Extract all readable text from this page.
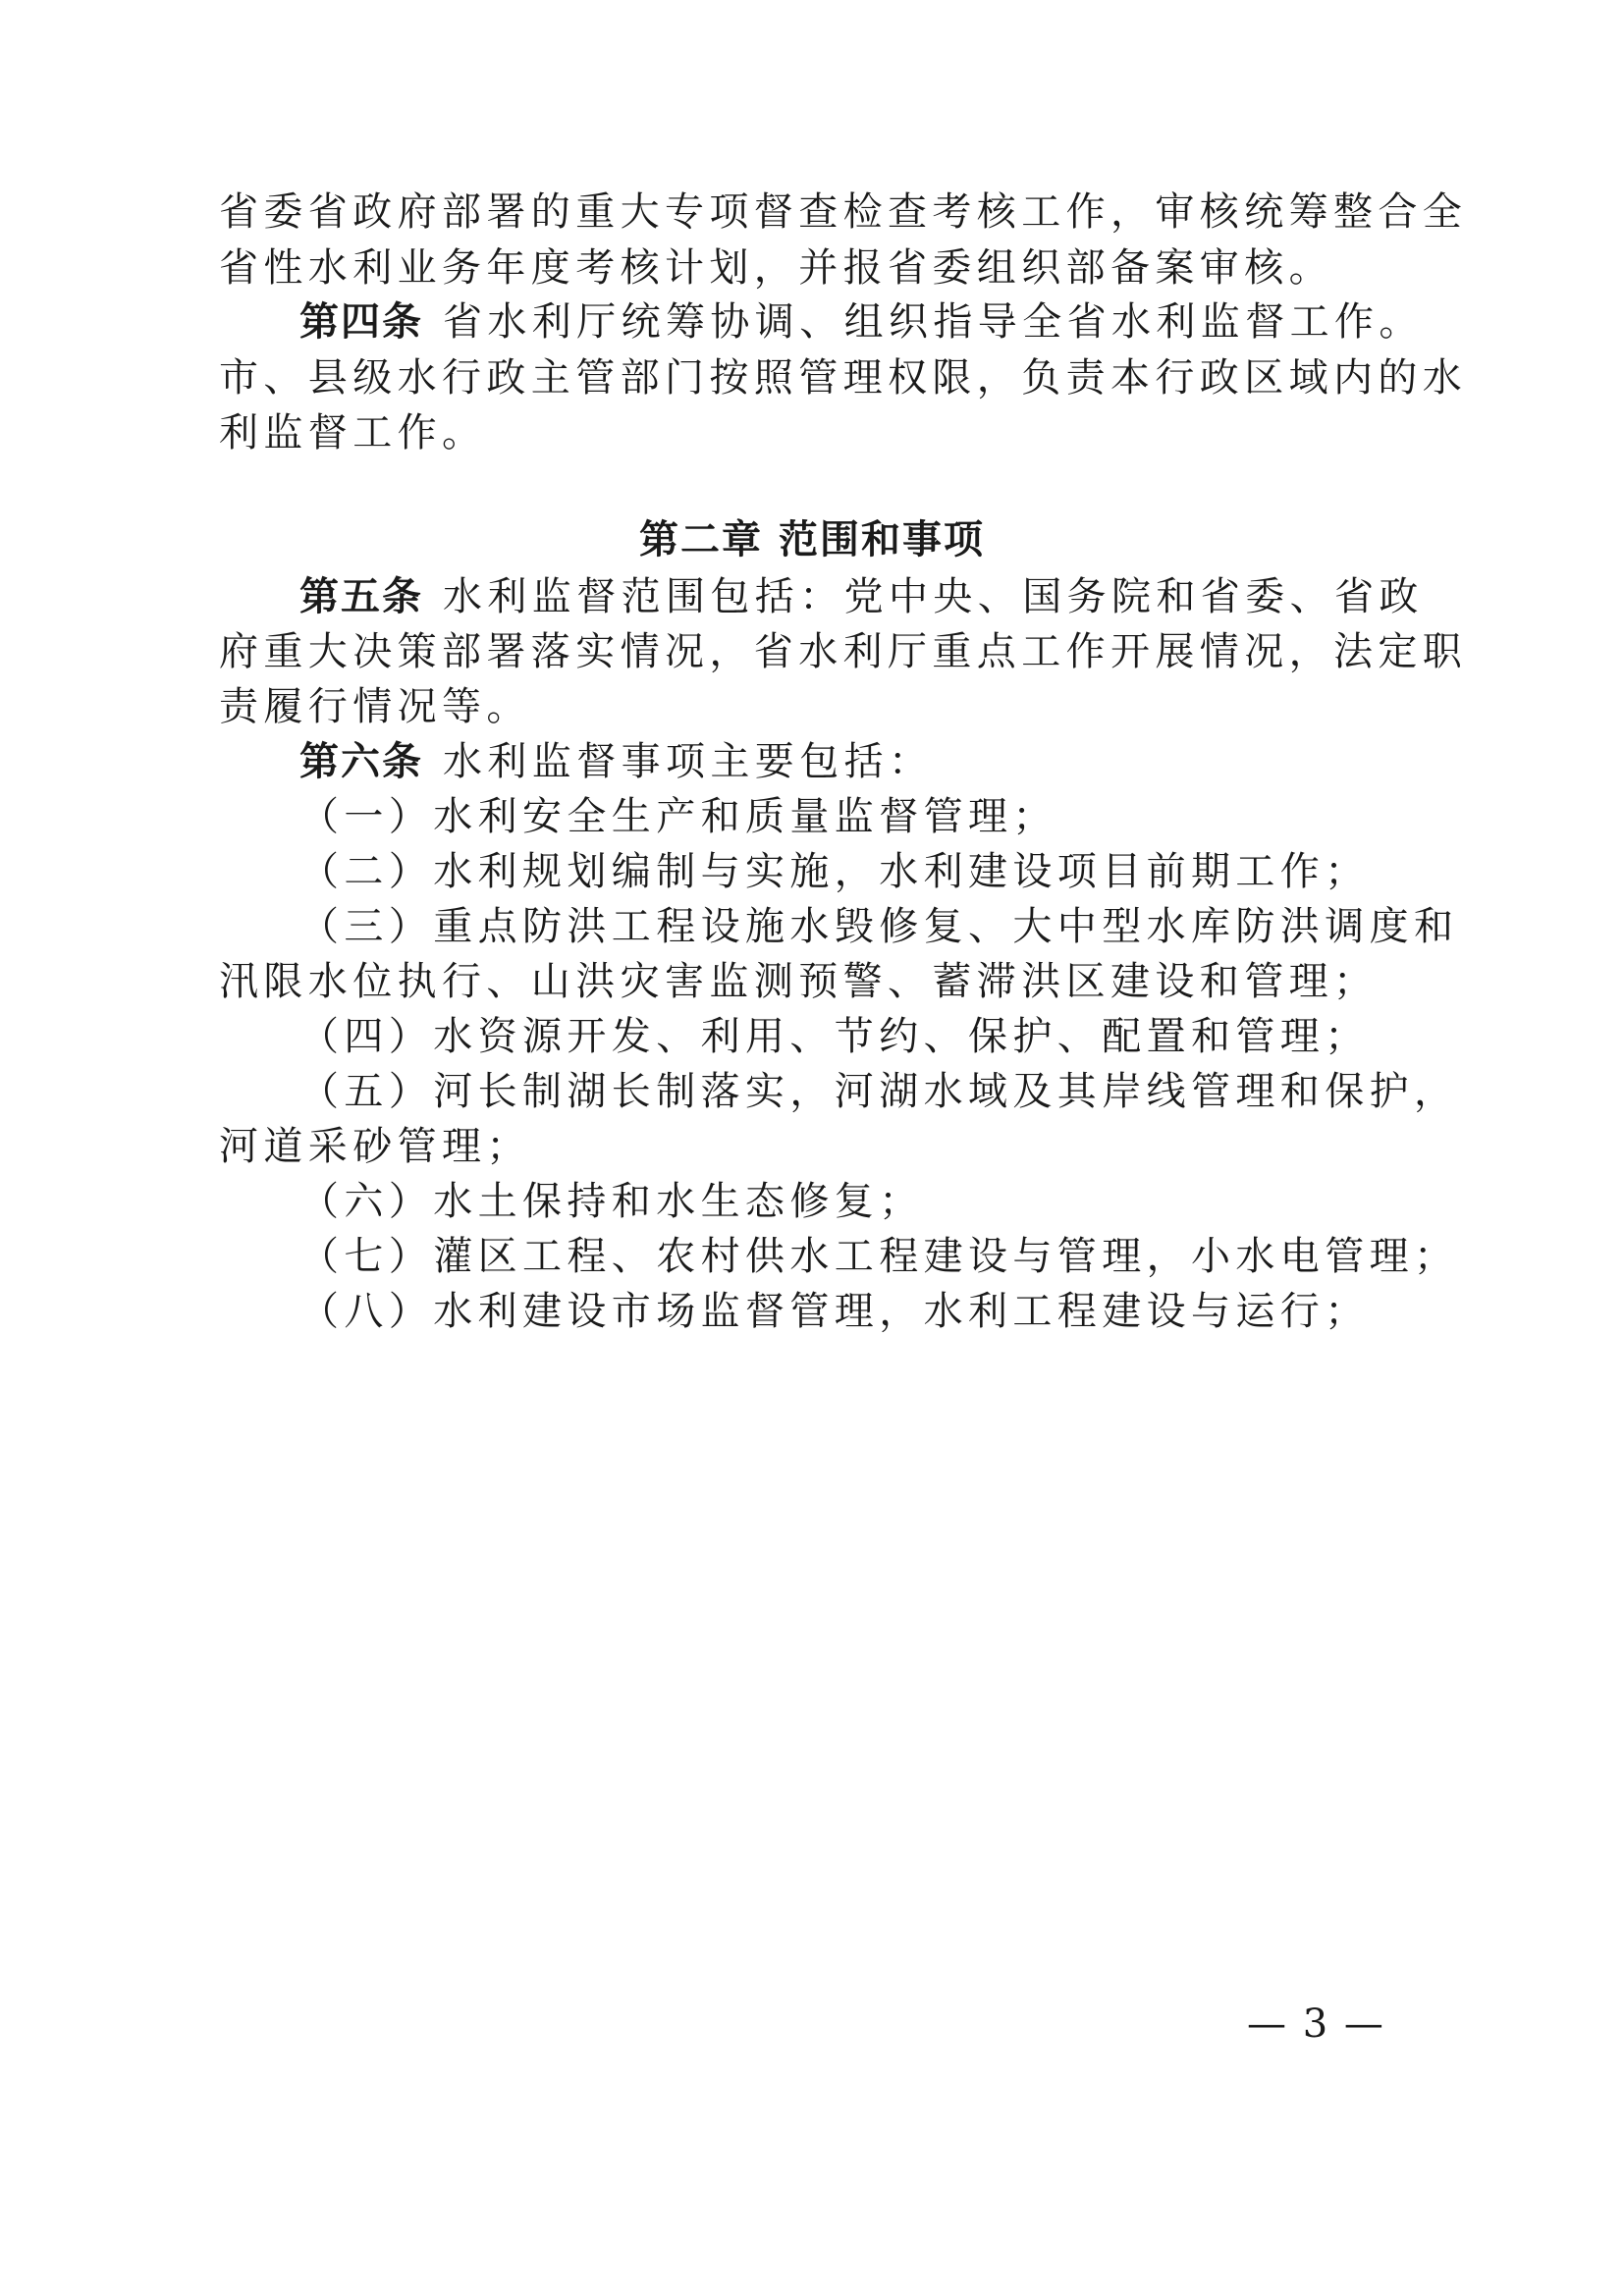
省委省政府部署的重大专项督查检查考核工作，审核统筹整合全
省性水利业务年度考核计划，并报省委组织部备案审核。
第四条 省水利厅统筹协调、组织指导全省水利监督工作。
市、县级水行政主管部门按照管理权限，负责本行政区域内的水
利监督工作。
第二章 范围和事项
第五条 水利监督范围包括：党中央、国务院和省委、省政
府重大决策部署落实情况，省水利厅重点工作开展情况，法定职
责履行情况等。
第六条 水利监督事项主要包括：
（一）水利安全生产和质量监督管理；
（二）水利规划编制与实施，水利建设项目前期工作；
（三）重点防洪工程设施水毁修复、大中型水库防洪调度和
汛限水位执行、山洪灾害监测预警、蓄滞洪区建设和管理；
（四）水资源开发、利用、节约、保护、配置和管理；
（五）河长制湖长制落实，河湖水域及其岸线管理和保护，
河道采砂管理；
（六）水土保持和水生态修复；
（七）灌区工程、农村供水工程建设与管理，小水电管理；
（八）水利建设市场监督管理，水利工程建设与运行；
— 3 —
